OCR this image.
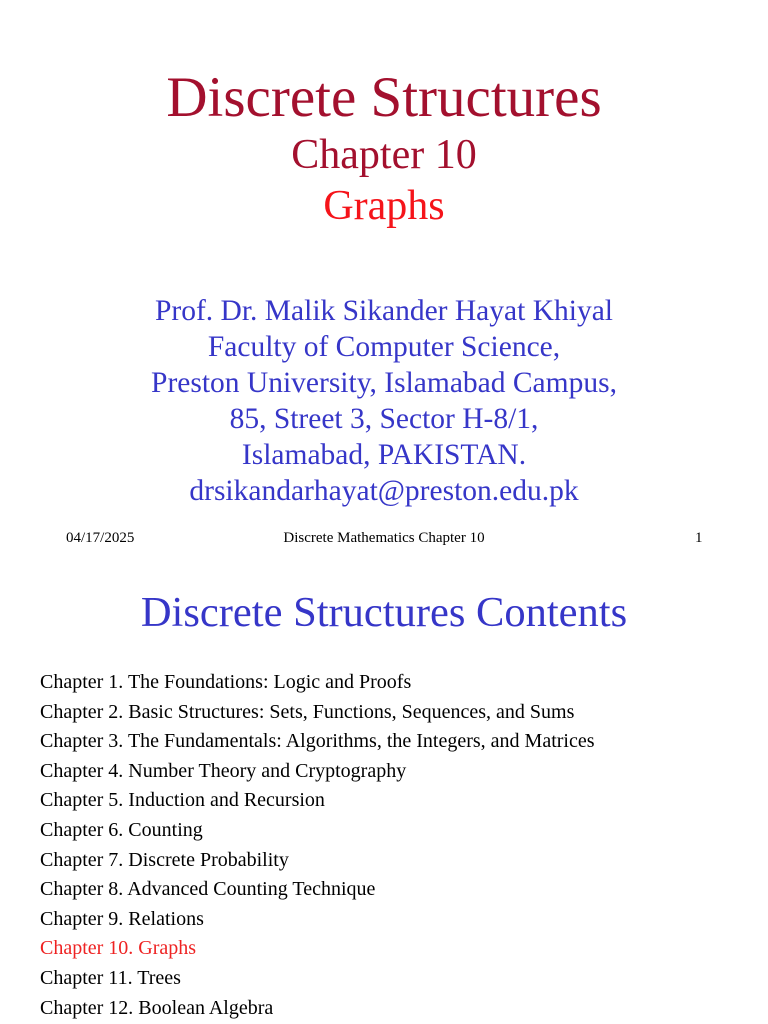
Discrete Structures
Chapter 10
Graphs
Prof. Dr. Malik Sikander Hayat Khiyal
Faculty of Computer Science,
Preston University, Islamabad Campus,
85, Street 3, Sector H-8/1,
Islamabad, PAKISTAN.
drsikandarhayat@preston.edu.pk
04/17/2025	Discrete Mathematics Chapter 10	1
Discrete Structures Contents
Chapter 1. The Foundations: Logic and Proofs
Chapter 2. Basic Structures: Sets, Functions, Sequences, and Sums
Chapter 3. The Fundamentals: Algorithms, the Integers, and Matrices
Chapter 4. Number Theory and Cryptography
Chapter 5. Induction and Recursion
Chapter 6. Counting
Chapter 7. Discrete Probability
Chapter 8. Advanced Counting Technique
Chapter 9. Relations
Chapter 10. Graphs
Chapter 11. Trees
Chapter 12. Boolean Algebra
